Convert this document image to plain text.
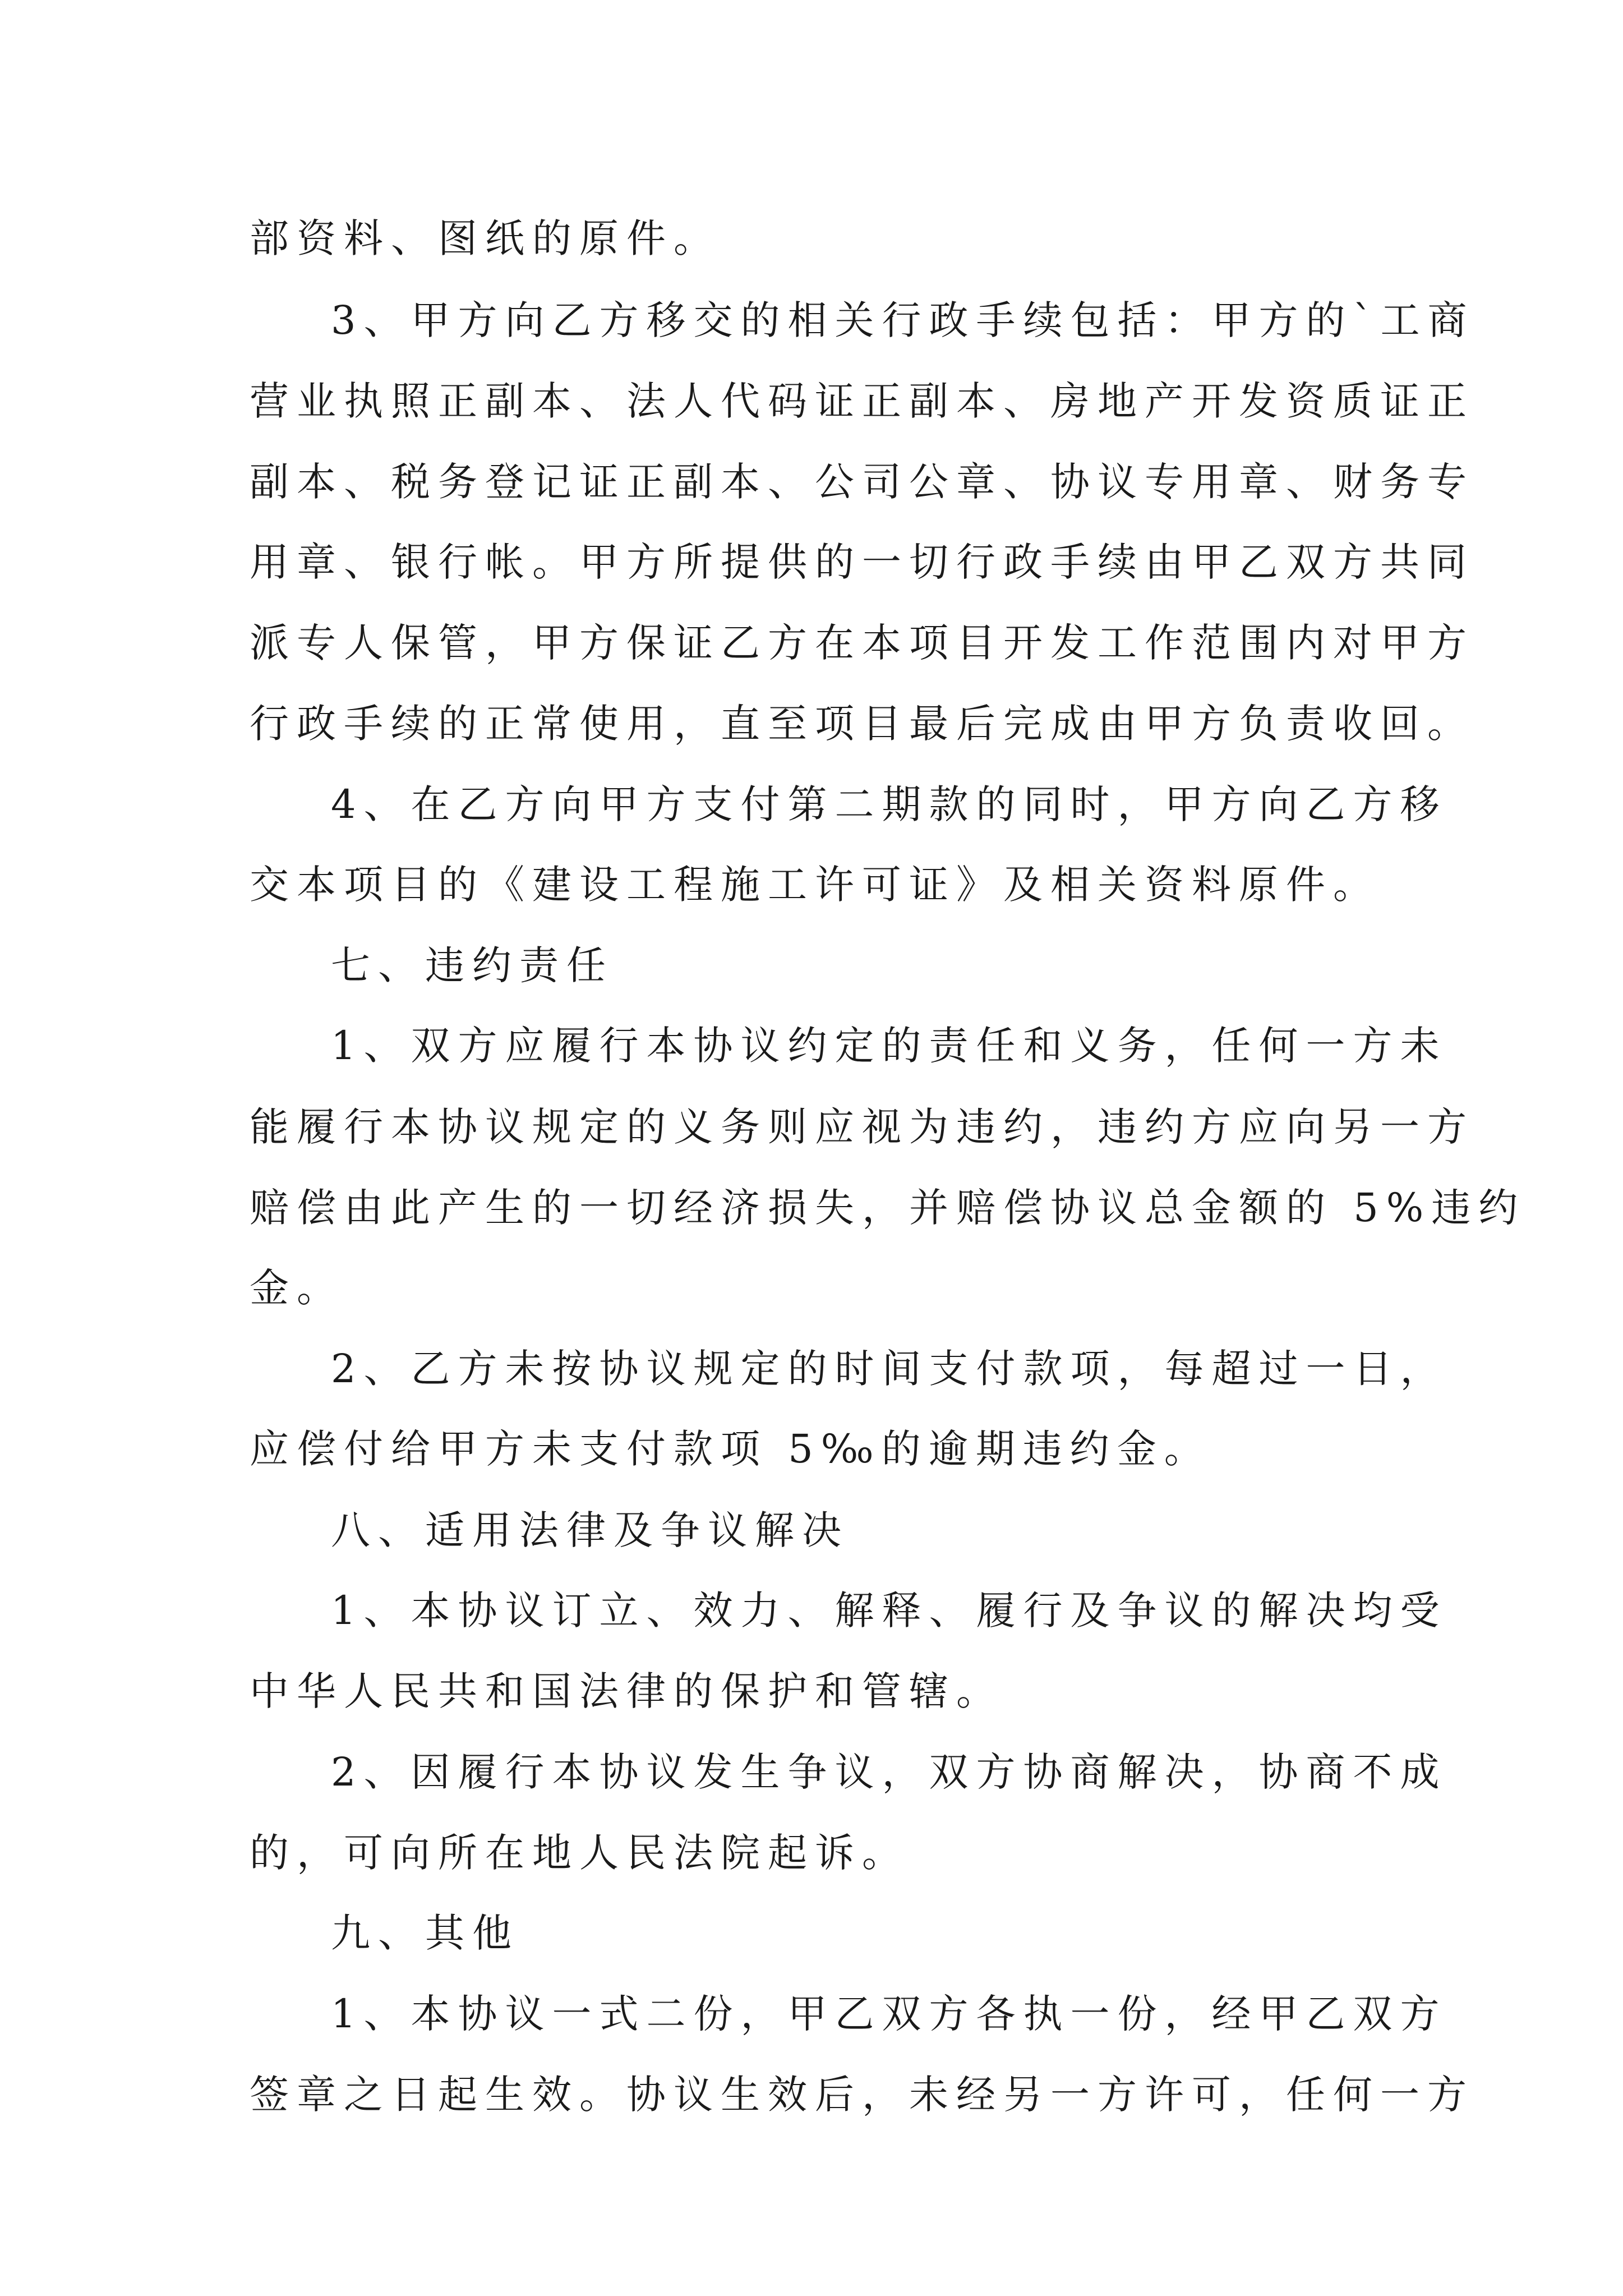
部资料、图纸的原件。

3、甲方向乙方移交的相关行政手续包括：甲方的`工商

营业执照正副本、法人代码证正副本、房地产开发资质证正

副本、税务登记证正副本、公司公章、协议专用章、财务专

用章、银行帐。甲方所提供的一切行政手续由甲乙双方共同

派专人保管，甲方保证乙方在本项目开发工作范围内对甲方

行政手续的正常使用，直至项目最后完成由甲方负责收回。

4、在乙方向甲方支付第二期款的同时，甲方向乙方移

交本项目的《建设工程施工许可证》及相关资料原件。

七、违约责任

1、双方应履行本协议约定的责任和义务，任何一方未

能履行本协议规定的义务则应视为违约，违约方应向另一方

赔偿由此产生的一切经济损失，并赔偿协议总金额的 5%违约

金。

2、乙方未按协议规定的时间支付款项，每超过一日，

应偿付给甲方未支付款项 5‰的逾期违约金。

八、适用法律及争议解决

1、本协议订立、效力、解释、履行及争议的解决均受

中华人民共和国法律的保护和管辖。

2、因履行本协议发生争议，双方协商解决，协商不成

的，可向所在地人民法院起诉。

九、其他

1、本协议一式二份，甲乙双方各执一份，经甲乙双方

签章之日起生效。协议生效后，未经另一方许可，任何一方
